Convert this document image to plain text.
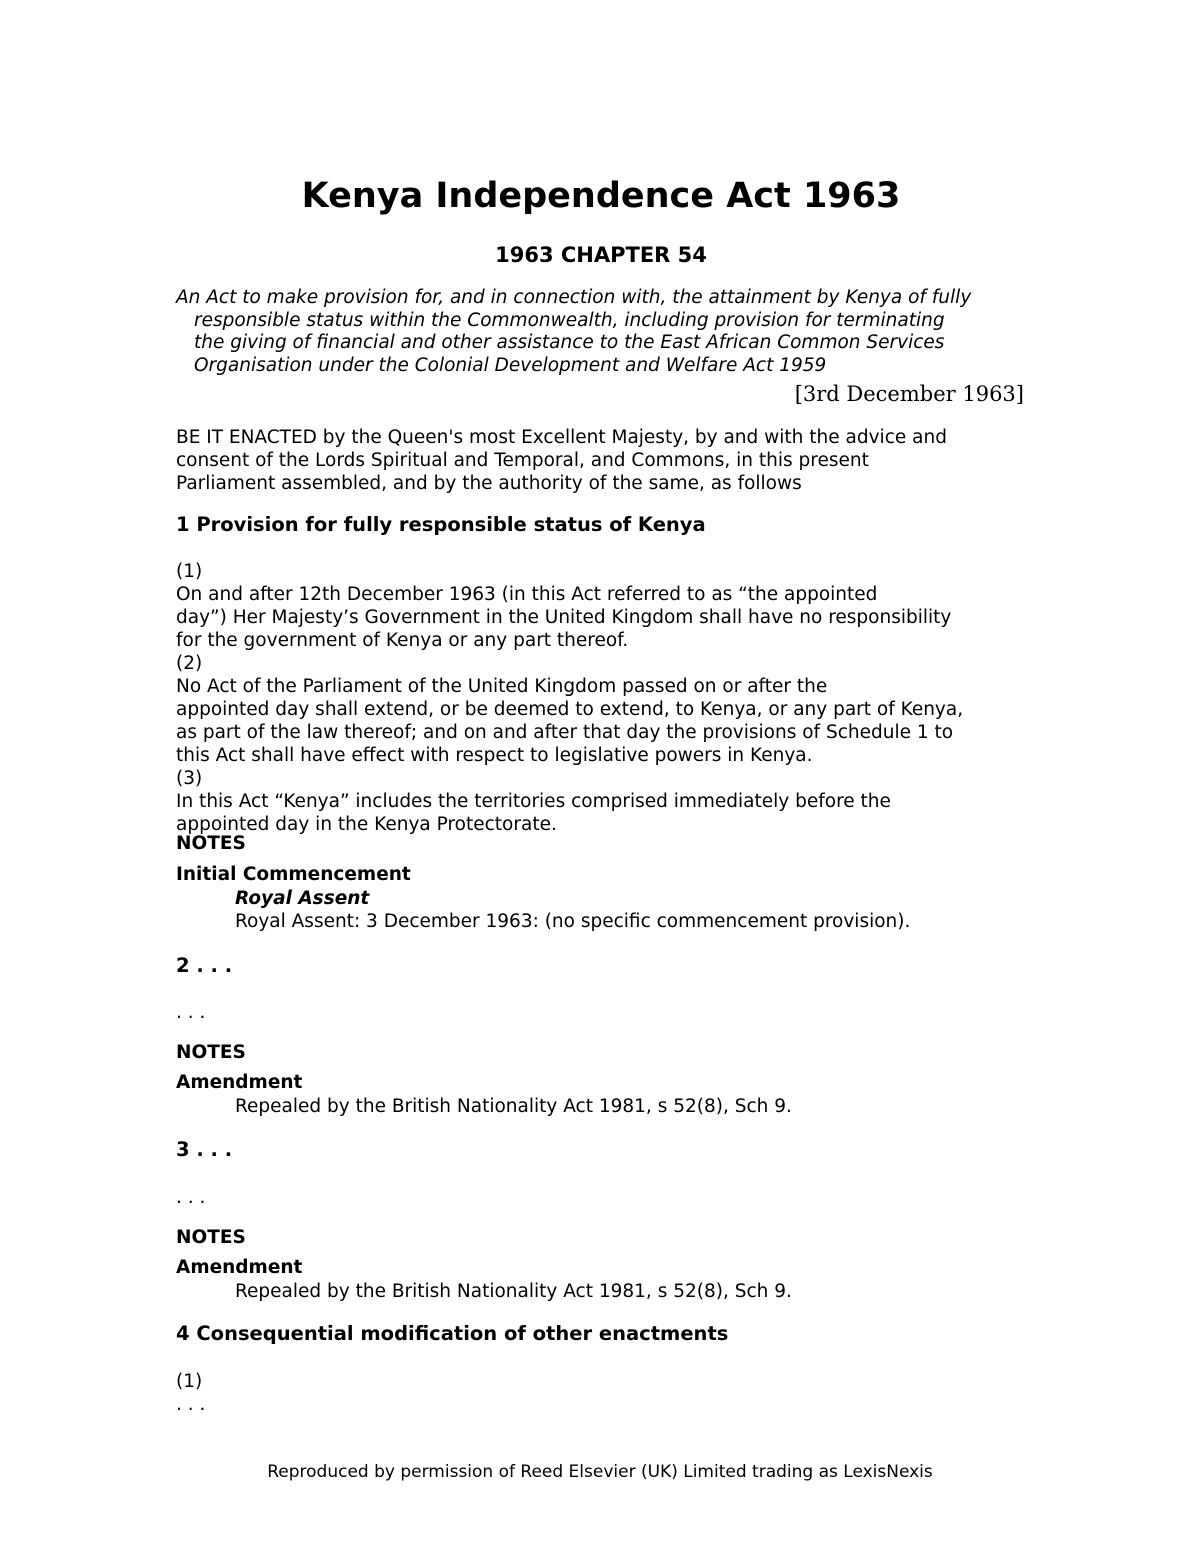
Kenya Independence Act 1963
1963 CHAPTER 54

An Act to make provision for, and in connection with, the attainment by Kenya of fully
responsible status within the Commonwealth, including provision for terminating
the giving of financial and other assistance to the East African Common Services
Organisation under the Colonial Development and Welfare Act 1959

[3rd December 1963]

BE IT ENACTED by the Queen's most Excellent Majesty, by and with the advice and
consent of the Lords Spiritual and Temporal, and Commons, in this present
Parliament assembled, and by the authority of the same, as follows

1 Provision for fully responsible status of Kenya

(1)
On and after 12th December 1963 (in this Act referred to as “the appointed
day”) Her Majesty’s Government in the United Kingdom shall have no responsibility
for the government of Kenya or any part thereof.

(2)
No Act of the Parliament of the United Kingdom passed on or after the
appointed day shall extend, or be deemed to extend, to Kenya, or any part of Kenya,
as part of the law thereof; and on and after that day the provisions of Schedule 1 to
this Act shall have effect with respect to legislative powers in Kenya.

(3)
In this Act “Kenya” includes the territories comprised immediately before the
appointed day in the Kenya Protectorate.

NOTES

Initial Commencement

Royal Assent

Royal Assent: 3 December 1963: (no specific commencement provision).

2 . . .

. . .

NOTES

Amendment

Repealed by the British Nationality Act 1981, s 52(8), Sch 9.

3 . . .

. . .

NOTES

Amendment

Repealed by the British Nationality Act 1981, s 52(8), Sch 9.

4 Consequential modification of other enactments

(1)
. . .

Reproduced by permission of Reed Elsevier (UK) Limited trading as LexisNexis
